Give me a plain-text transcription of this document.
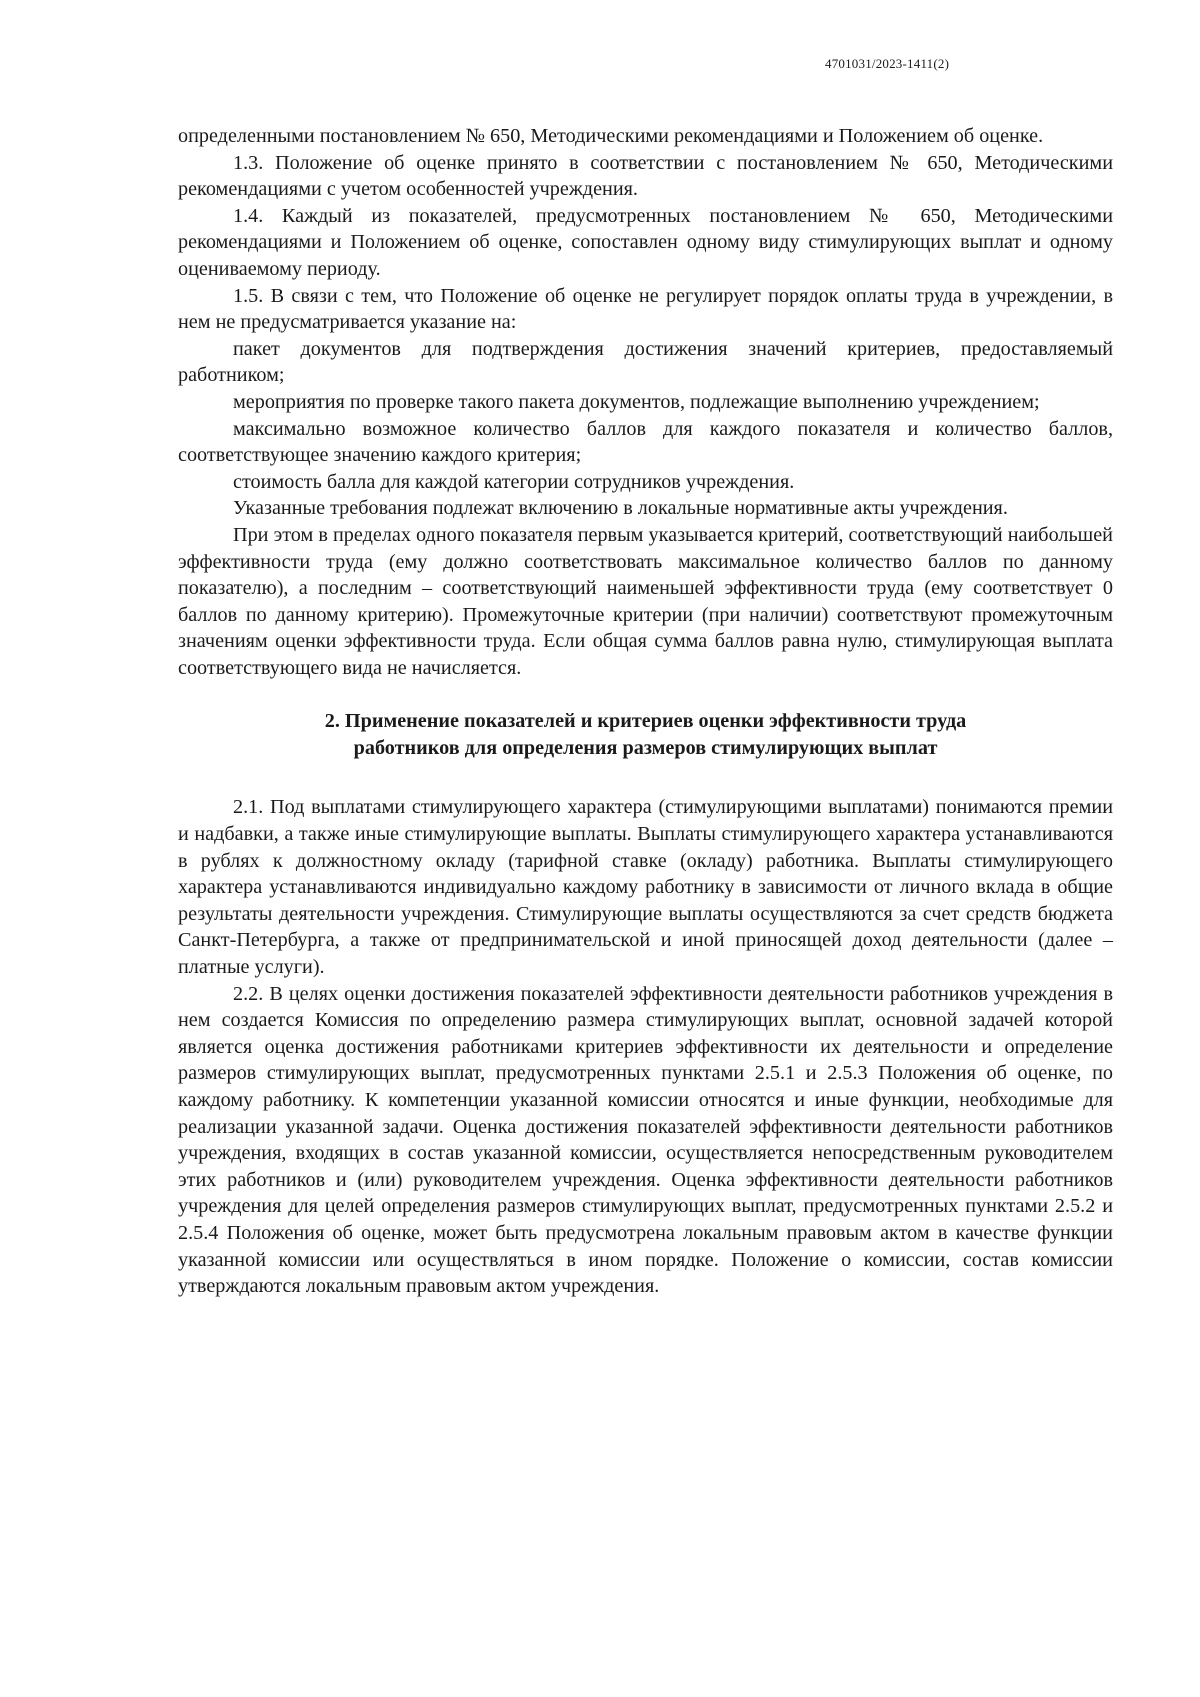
4701031/2023-1411(2)

определенными постановлением № 650, Методическими рекомендациями и Положением об оценке.

1.3. Положение об оценке принято в соответствии с постановлением № 650, Методическими рекомендациями с учетом особенностей учреждения.

1.4. Каждый из показателей, предусмотренных постановлением № 650, Методическими рекомендациями и Положением об оценке, сопоставлен одному виду стимулирующих выплат и одному оцениваемому периоду.

1.5. В связи с тем, что Положение об оценке не регулирует порядок оплаты труда в учреждении, в нем не предусматривается указание на:

пакет документов для подтверждения достижения значений критериев, предоставляемый работником;

мероприятия по проверке такого пакета документов, подлежащие выполнению учреждением;

максимально возможное количество баллов для каждого показателя и количество баллов, соответствующее значению каждого критерия;

стоимость балла для каждой категории сотрудников учреждения.

Указанные требования подлежат включению в локальные нормативные акты учреждения.

При этом в пределах одного показателя первым указывается критерий, соответствующий наибольшей эффективности труда (ему должно соответствовать максимальное количество баллов по данному показателю), а последним – соответствующий наименьшей эффективности труда (ему соответствует 0 баллов по данному критерию). Промежуточные критерии (при наличии) соответствуют промежуточным значениям оценки эффективности труда. Если общая сумма баллов равна нулю, стимулирующая выплата соответствующего вида не начисляется.

2. Применение показателей и критериев оценки эффективности труда
работников для определения размеров стимулирующих выплат

2.1. Под выплатами стимулирующего характера (стимулирующими выплатами) понимаются премии и надбавки, а также иные стимулирующие выплаты. Выплаты стимулирующего характера устанавливаются в рублях к должностному окладу (тарифной ставке (окладу) работника. Выплаты стимулирующего характера устанавливаются индивидуально каждому работнику в зависимости от личного вклада в общие результаты деятельности учреждения. Стимулирующие выплаты осуществляются за счет средств бюджета Санкт-Петербурга, а также от предпринимательской и иной приносящей доход деятельности (далее – платные услуги).

2.2. В целях оценки достижения показателей эффективности деятельности работников учреждения в нем создается Комиссия по определению размера стимулирующих выплат, основной задачей которой является оценка достижения работниками критериев эффективности их деятельности и определение размеров стимулирующих выплат, предусмотренных пунктами 2.5.1 и 2.5.3 Положения об оценке, по каждому работнику. К компетенции указанной комиссии относятся и иные функции, необходимые для реализации указанной задачи. Оценка достижения показателей эффективности деятельности работников учреждения, входящих в состав указанной комиссии, осуществляется непосредственным руководителем этих работников и (или) руководителем учреждения. Оценка эффективности деятельности работников учреждения для целей определения размеров стимулирующих выплат, предусмотренных пунктами 2.5.2 и 2.5.4 Положения об оценке, может быть предусмотрена локальным правовым актом в качестве функции указанной комиссии или осуществляться в ином порядке. Положение о комиссии, состав комиссии утверждаются локальным правовым актом учреждения.
